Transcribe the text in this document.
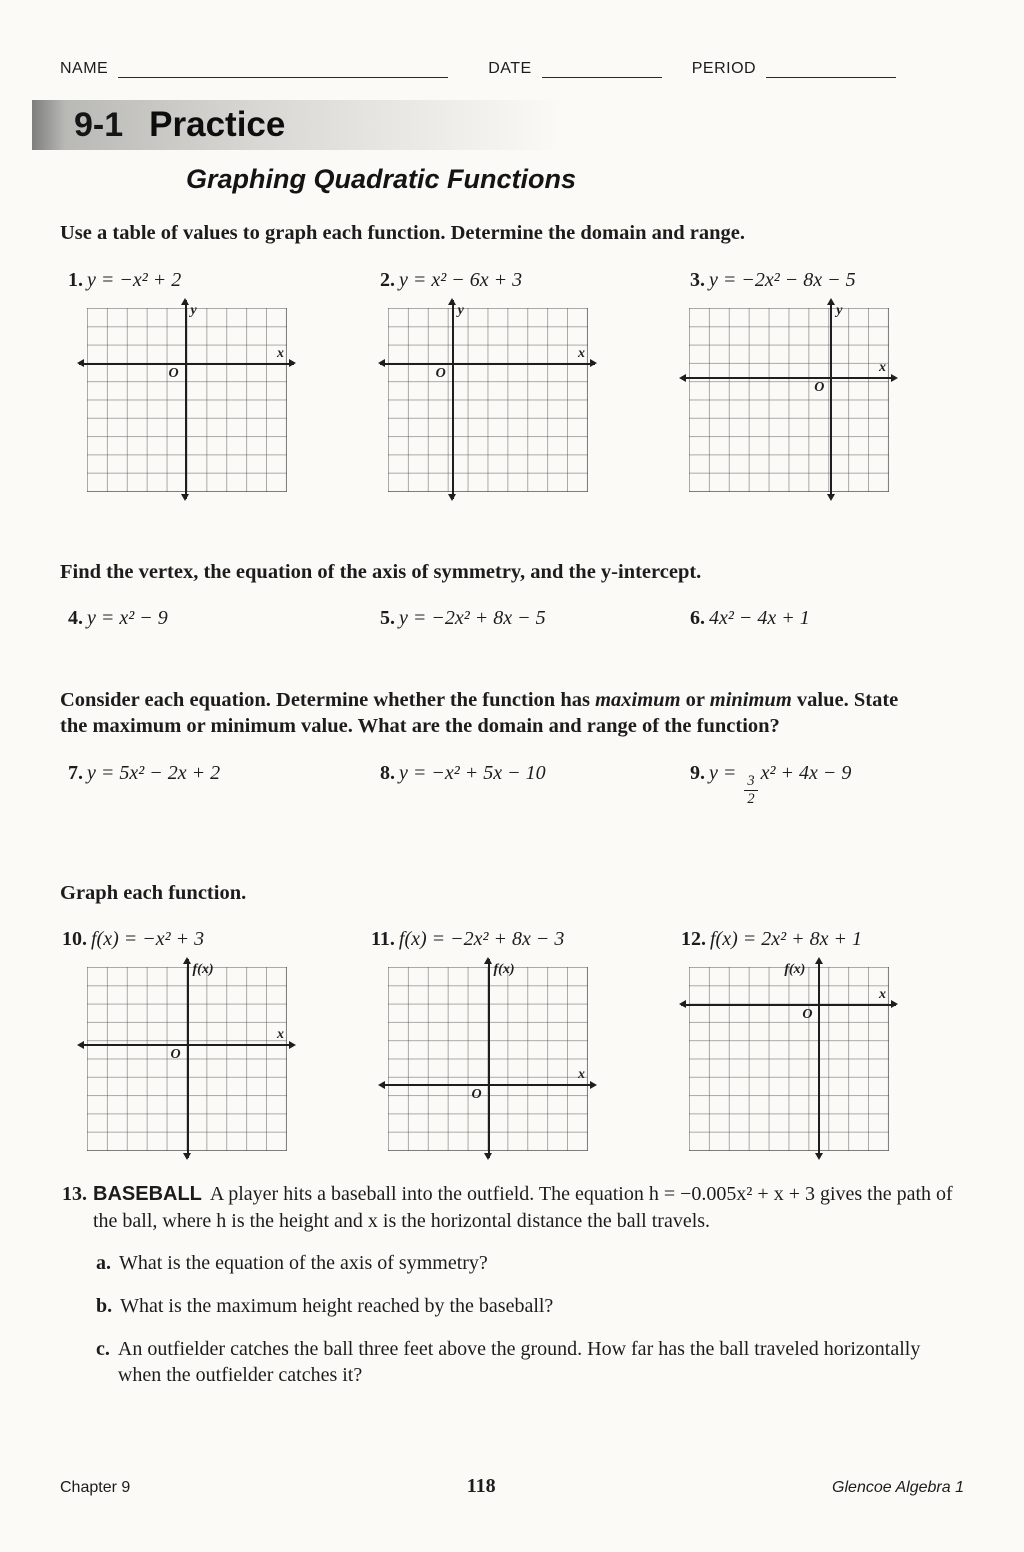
NAME	DATE	PERIOD
9-1 Practice
Graphing Quadratic Functions
Use a table of values to graph each function. Determine the domain and range.
1. y = −x² + 2	2. y = x² − 6x + 3	3. y = −2x² − 8x − 5
O
x
y
O
x
y
O
x
y
Find the vertex, the equation of the axis of symmetry, and the y-intercept.
4. y = x² − 9	5. y = −2x² + 8x − 5	6. 4x² − 4x + 1
Consider each equation. Determine whether the function has maximum or minimum value. State the maximum or minimum value. What are the domain and range of the function?
7. y = 5x² − 2x + 2	8. y = −x² + 5x − 10	9. y =
$\frac{3}{2}$
x² + 4x − 9
Graph each function.
10. f(x) = −x² + 3	11. f(x) = −2x² + 8x − 3	12. f(x) = 2x² + 8x + 1
O
x
f(x)
O
x
f(x)
O
x
f(x)
13. BASEBALL A player hits a baseball into the outfield. The equation h = −0.005x² + x + 3 gives the path of the ball, where h is the height and x is the horizontal distance the ball travels.
a. What is the equation of the axis of symmetry?
b. What is the maximum height reached by the baseball?
c. An outfielder catches the ball three feet above the ground. How far has the ball traveled horizontally when the outfielder catches it?
Chapter 9	118	Glencoe Algebra 1
